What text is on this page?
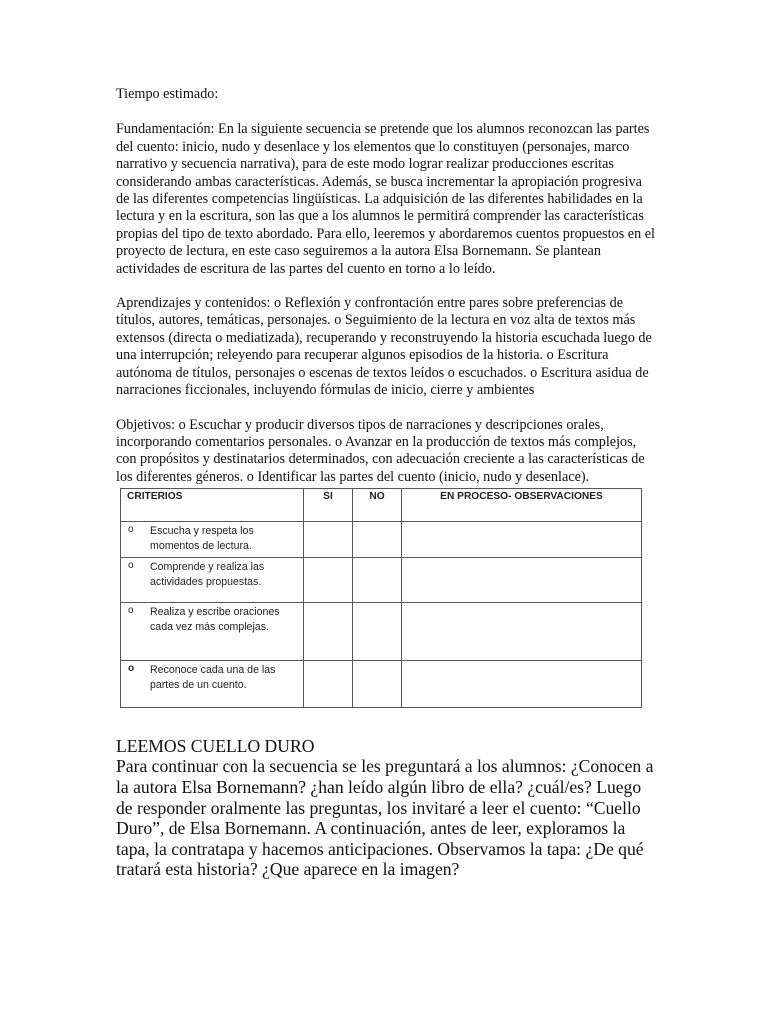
Tiempo estimado:

Fundamentación: En la siguiente secuencia se pretende que los alumnos reconozcan las partes del cuento: inicio, nudo y desenlace y los elementos que lo constituyen (personajes, marco narrativo y secuencia narrativa), para de este modo lograr realizar producciones escritas considerando ambas características. Además, se busca incrementar la apropiación progresiva de las diferentes competencias lingüísticas. La adquisición de las diferentes habilidades en la lectura y en la escritura, son las que a los alumnos le permitirá comprender las características propias del tipo de texto abordado. Para ello, leeremos y abordaremos cuentos propuestos en el proyecto de lectura, en este caso seguiremos a la autora Elsa Bornemann. Se plantean actividades de escritura de las partes del cuento en torno a lo leído.

Aprendizajes y contenidos: o Reflexión y confrontación entre pares sobre preferencias de títulos, autores, temáticas, personajes. o Seguimiento de la lectura en voz alta de textos más extensos (directa o mediatizada), recuperando y reconstruyendo la historia escuchada luego de una interrupción; releyendo para recuperar algunos episodios de la historia. o Escritura autónoma de títulos, personajes o escenas de textos leídos o escuchados. o Escritura asidua de narraciones ficcionales, incluyendo fórmulas de inicio, cierre y ambientes

Objetivos: o Escuchar y producir diversos tipos de narraciones y descripciones orales, incorporando comentarios personales. o Avanzar en la producción de textos más complejos, con propósitos y destinatarios determinados, con adecuación creciente a las características de los diferentes géneros. o Identificar las partes del cuento (inicio, nudo y desenlace).

CRITERIOS	SI	NO	EN PROCESO- OBSERVACIONES

o Escucha y respeta los momentos de lectura.			

o Comprende y realiza las actividades propuestas.			

o Realiza y escribe oraciones cada vez más complejas.			

o Reconoce cada una de las partes de un cuento.			

LEEMOS CUELLO DURO

Para continuar con la secuencia se les preguntará a los alumnos: ¿Conocen a la autora Elsa Bornemann? ¿han leído algún libro de ella? ¿cuál/es? Luego de responder oralmente las preguntas, los invitaré a leer el cuento: “Cuello Duro”, de Elsa Bornemann. A continuación, antes de leer, exploramos la tapa, la contratapa y hacemos anticipaciones. Observamos la tapa: ¿De qué tratará esta historia? ¿Que aparece en la imagen?
